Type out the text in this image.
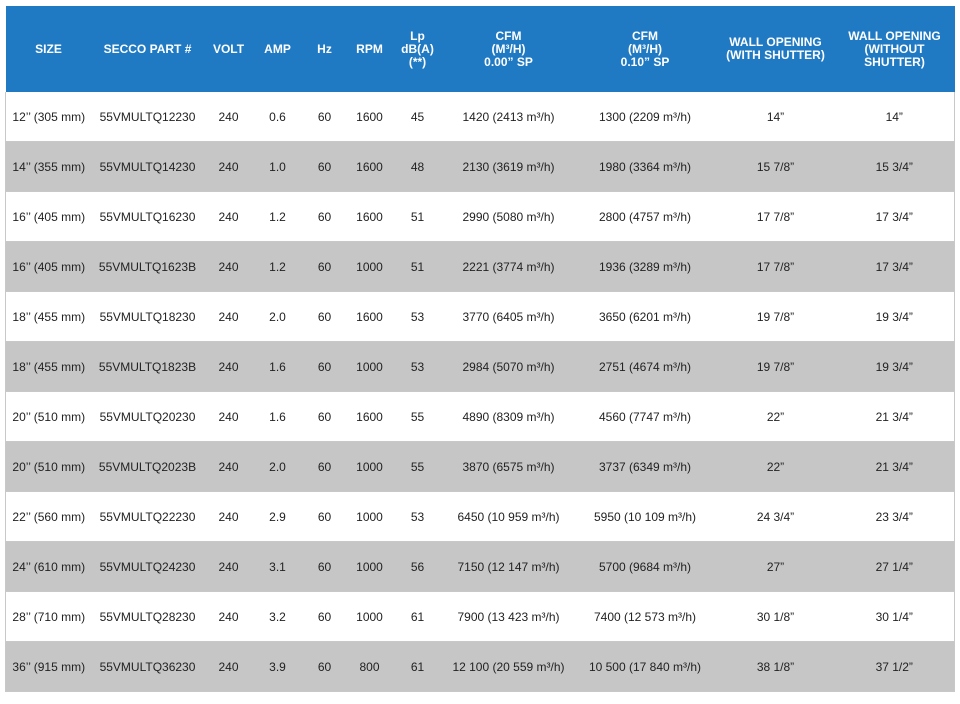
SIZE	SECCO PART #	VOLT	AMP	Hz	RPM	Lp
dB(A)
(**)	CFM
(M³/H)
0.00” SP	CFM
(M³/H)
0.10” SP	WALL OPENING
(WITH SHUTTER)	WALL OPENING
(WITHOUT SHUTTER)

12’’ (305 mm)	55VMULTQ12230	240	0.6	60	1600	45	1420 (2413 m³/h)	1300 (2209 m³/h)	14”	14”
14’’ (355 mm)	55VMULTQ14230	240	1.0	60	1600	48	2130 (3619 m³/h)	1980 (3364 m³/h)	15 7/8”	15 3/4”
16’’ (405 mm)	55VMULTQ16230	240	1.2	60	1600	51	2990 (5080 m³/h)	2800 (4757 m³/h)	17 7/8”	17 3/4”
16’’ (405 mm)	55VMULTQ1623B	240	1.2	60	1000	51	2221 (3774 m³/h)	1936 (3289 m³/h)	17 7/8”	17 3/4”
18’’ (455 mm)	55VMULTQ18230	240	2.0	60	1600	53	3770 (6405 m³/h)	3650 (6201 m³/h)	19 7/8”	19 3/4”
18’’ (455 mm)	55VMULTQ1823B	240	1.6	60	1000	53	2984 (5070 m³/h)	2751 (4674 m³/h)	19 7/8”	19 3/4”
20’’ (510 mm)	55VMULTQ20230	240	1.6	60	1600	55	4890 (8309 m³/h)	4560 (7747 m³/h)	22”	21 3/4”
20’’ (510 mm)	55VMULTQ2023B	240	2.0	60	1000	55	3870 (6575 m³/h)	3737 (6349 m³/h)	22”	21 3/4”
22’’ (560 mm)	55VMULTQ22230	240	2.9	60	1000	53	6450 (10 959 m³/h)	5950 (10 109 m³/h)	24 3/4”	23 3/4”
24’’ (610 mm)	55VMULTQ24230	240	3.1	60	1000	56	7150 (12 147 m³/h)	5700 (9684 m³/h)	27”	27 1/4”
28’’ (710 mm)	55VMULTQ28230	240	3.2	60	1000	61	7900 (13 423 m³/h)	7400 (12 573 m³/h)	30 1/8”	30 1/4”
36’’ (915 mm)	55VMULTQ36230	240	3.9	60	800	61	12 100 (20 559 m³/h)	10 500 (17 840 m³/h)	38 1/8”	37 1/2”
